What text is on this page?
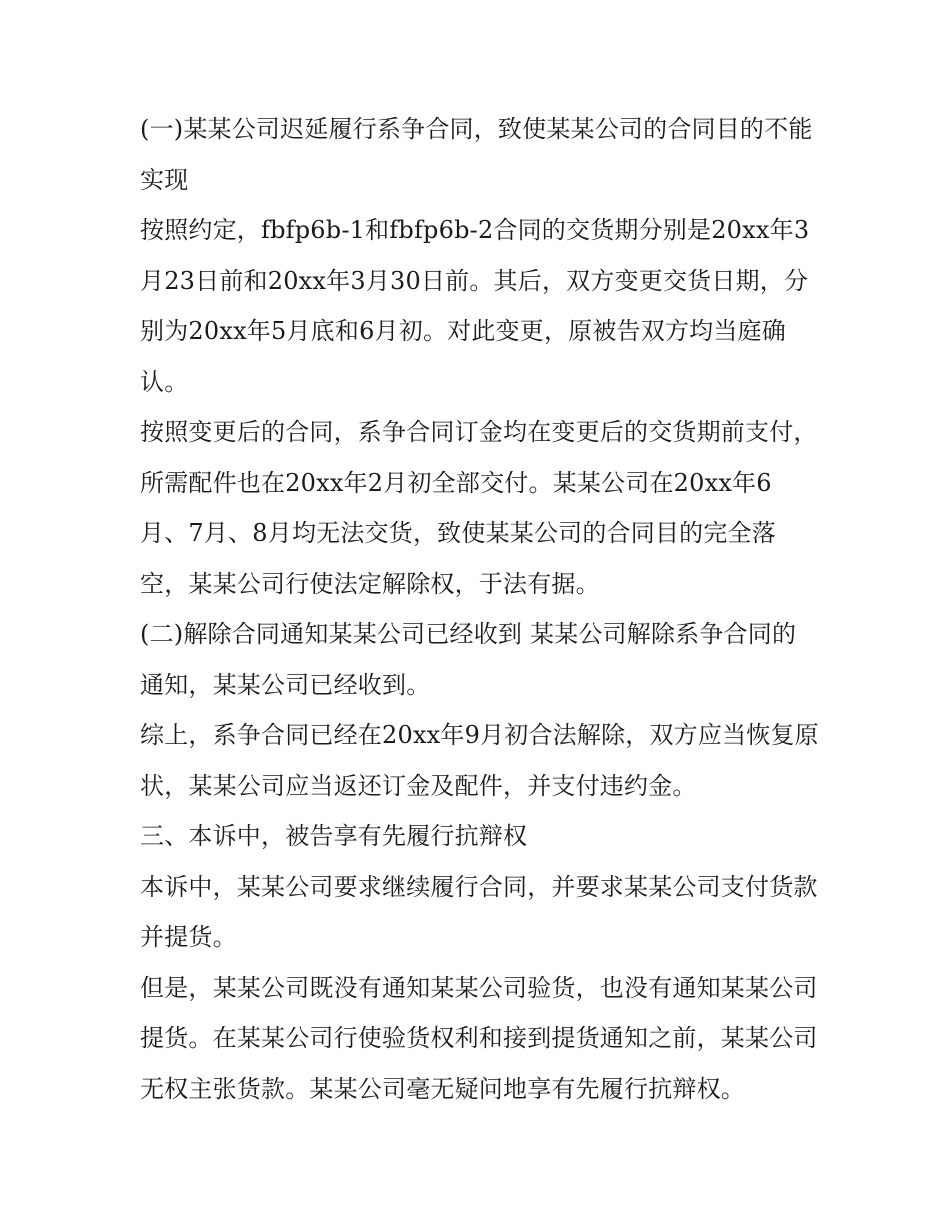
(一)某某公司迟延履行系争合同，致使某某公司的合同目的不能实现

按照约定，fbfp6b-1和fbfp6b-2合同的交货期分别是20xx年3月23日前和20xx年3月30日前。其后，双方变更交货日期，分别为20xx年5月底和6月初。对此变更，原被告双方均当庭确认。

按照变更后的合同，系争合同订金均在变更后的交货期前支付，所需配件也在20xx年2月初全部交付。某某公司在20xx年6月、7月、8月均无法交货，致使某某公司的合同目的完全落空，某某公司行使法定解除权，于法有据。

(二)解除合同通知某某公司已经收到 某某公司解除系争合同的通知，某某公司已经收到。

综上，系争合同已经在20xx年9月初合法解除，双方应当恢复原状，某某公司应当返还订金及配件，并支付违约金。

三、本诉中，被告享有先履行抗辩权

本诉中，某某公司要求继续履行合同，并要求某某公司支付货款并提货。

但是，某某公司既没有通知某某公司验货，也没有通知某某公司提货。在某某公司行使验货权利和接到提货通知之前，某某公司无权主张货款。某某公司毫无疑问地享有先履行抗辩权。
